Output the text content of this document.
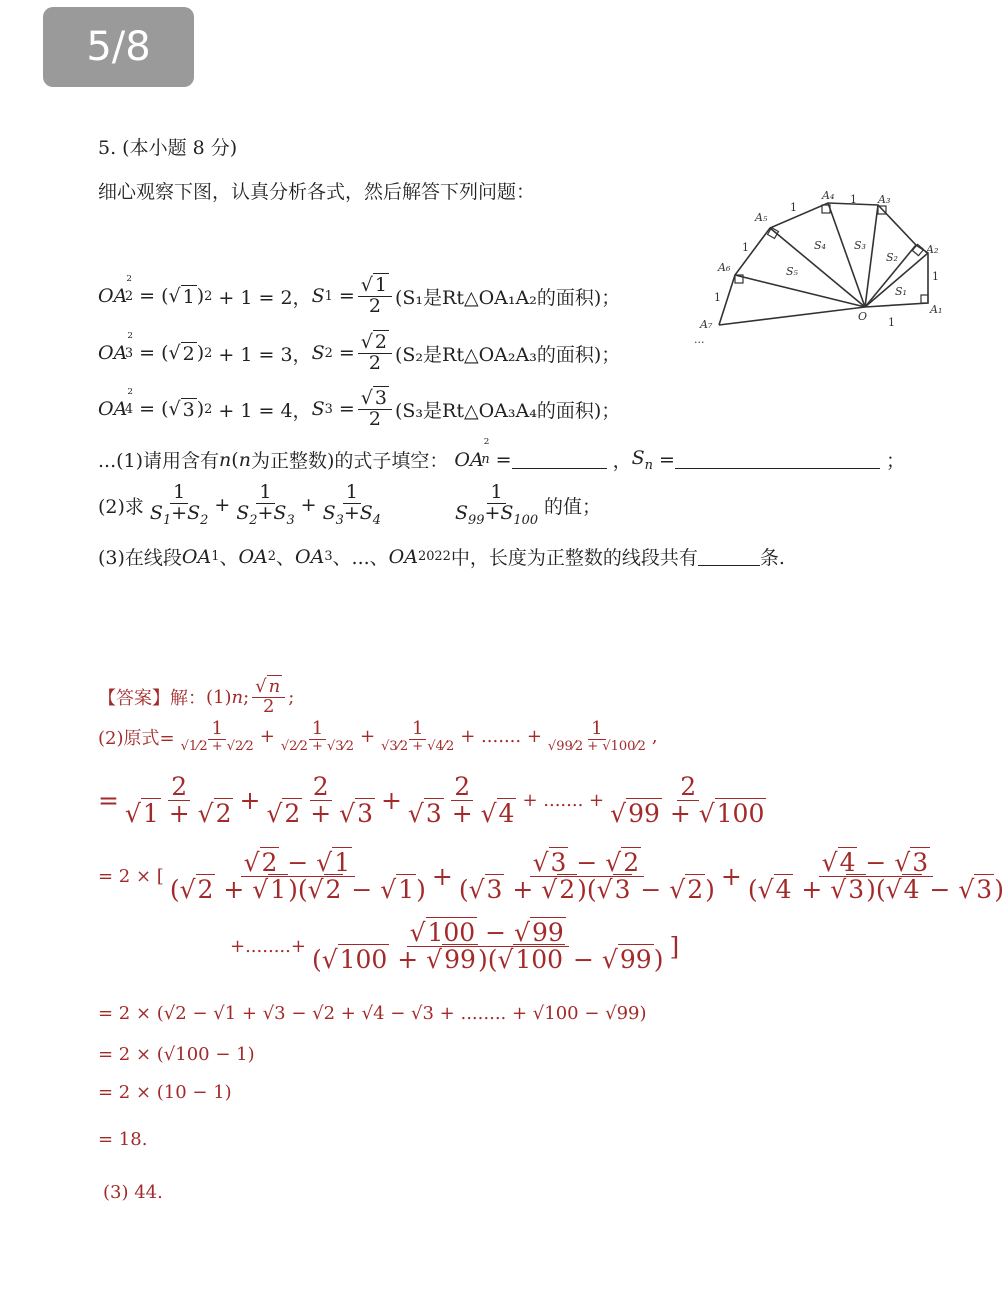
5/8
5. (本小题 8 分)
细心观察下图，认真分析各式，然后解答下列问题：
OA
$^2$
2 = (√ 1 ) 2 + 1 = 2， S 1 =
√ 1
2 (S₁是Rt△OA₁A₂的面积)；
OA
$^2$
3 = (√ 2 ) 2 + 1 = 3， S 2 =
√ 2
2 (S₂是Rt△OA₂A₃的面积)；
OA
$^2$
4 = (√ 3 ) 2 + 1 = 4， S 3 =
√ 3
2 (S₃是Rt△OA₃A₄的面积)；
...(1)请用含有 n ( n 为正整数)的式子填空： OA
$^2$
n =	， $S_n$ =	；
(2)求
1
$S_1+S_2$
+
1
$S_2+S_3$
+
1
$S_3+S_4$
1
$S_{99}+S_{100}$
的值；
(3)在线段 OA 1 、 OA 2 、 OA 3 、...、 OA 2022 中，长度为正整数的线段共有	条.
A₁
A₂
A₃
A₄
A₅
A₆
A₇
O
S₁
S₂
S₃
S₄
S₅	1
1
1
1
1
1
...
【答案】解： (1) n ;
√ n
2 ;
(2)原式= 1
√1⁄2 + √2⁄2 + 1
√2⁄2 + √3⁄2 + 1
√3⁄2 + √4⁄2 + ....... +	1
√99⁄2 + √100⁄2 ,
= 2
√1 + √2 + 2
√2 + √3 + 2
√3 + √4 + ....... + $\frac{2}{√99 + √100}$
= 2 × [	√2 − √1
(√2 + √1)(√2 − √1) +	√3 − √2
(√3 + √2)(√3 − √2) +	√4 − √3
(√4 + √3)(√4 − √3)
+........+ $\frac{√100 - √99}{(√100 + √99)(√100 - √99)}$ ]
= 2 × (√2 − √1 + √3 − √2 + √4 − √3 + ........ + √100 − √99)
= 2 × (√100 − 1)
= 2 × (10 − 1)
= 18.
(3) 44.
